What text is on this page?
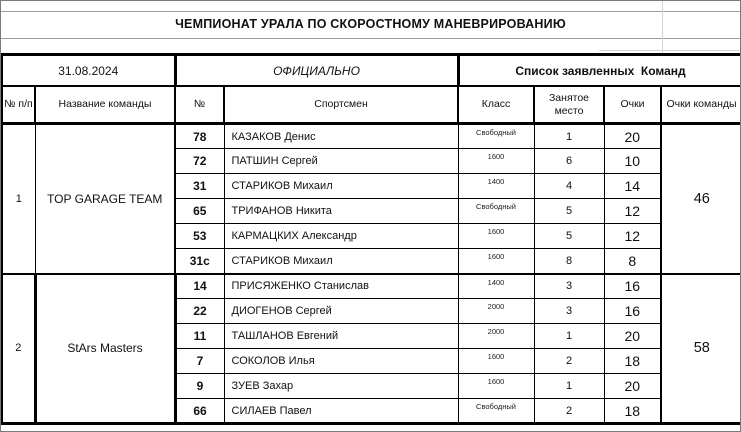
ЧЕМПИОНАТ УРАЛА ПО СКОРОСТНОМУ МАНЕВРИРОВАНИЮ
31.08.2024		ОФИЦИАЛЬНО		Список заявленных  Команд			
№ п/п	Название команды	№	Спортсмен	Класс	Занятое место	Очки	Очки команды
1	TOP GARAGE TEAM	78	КАЗАКОВ Денис	Свободный	1	20	46
		72	ПАТШИН Сергей	1600	6	10	
		31	СТАРИКОВ Михаил	1400	4	14	
		65	ТРИФАНОВ Никита	Свободный	5	12	
		53	КАРМАЦКИХ Александр	1600	5	12	
		31с	СТАРИКОВ Михаил	1600	8	8	
2	StArs Masters	14	ПРИСЯЖЕНКО Станислав	1400	3	16	58
		22	ДИОГЕНОВ Сергей	2000	3	16	
		11	ТАШЛАНОВ Евгений	2000	1	20	
		7	СОКОЛОВ Илья	1600	2	18	
		9	ЗУЕВ Захар	1600	1	20	
		66	СИЛАЕВ Павел	Свободный	2	18	
